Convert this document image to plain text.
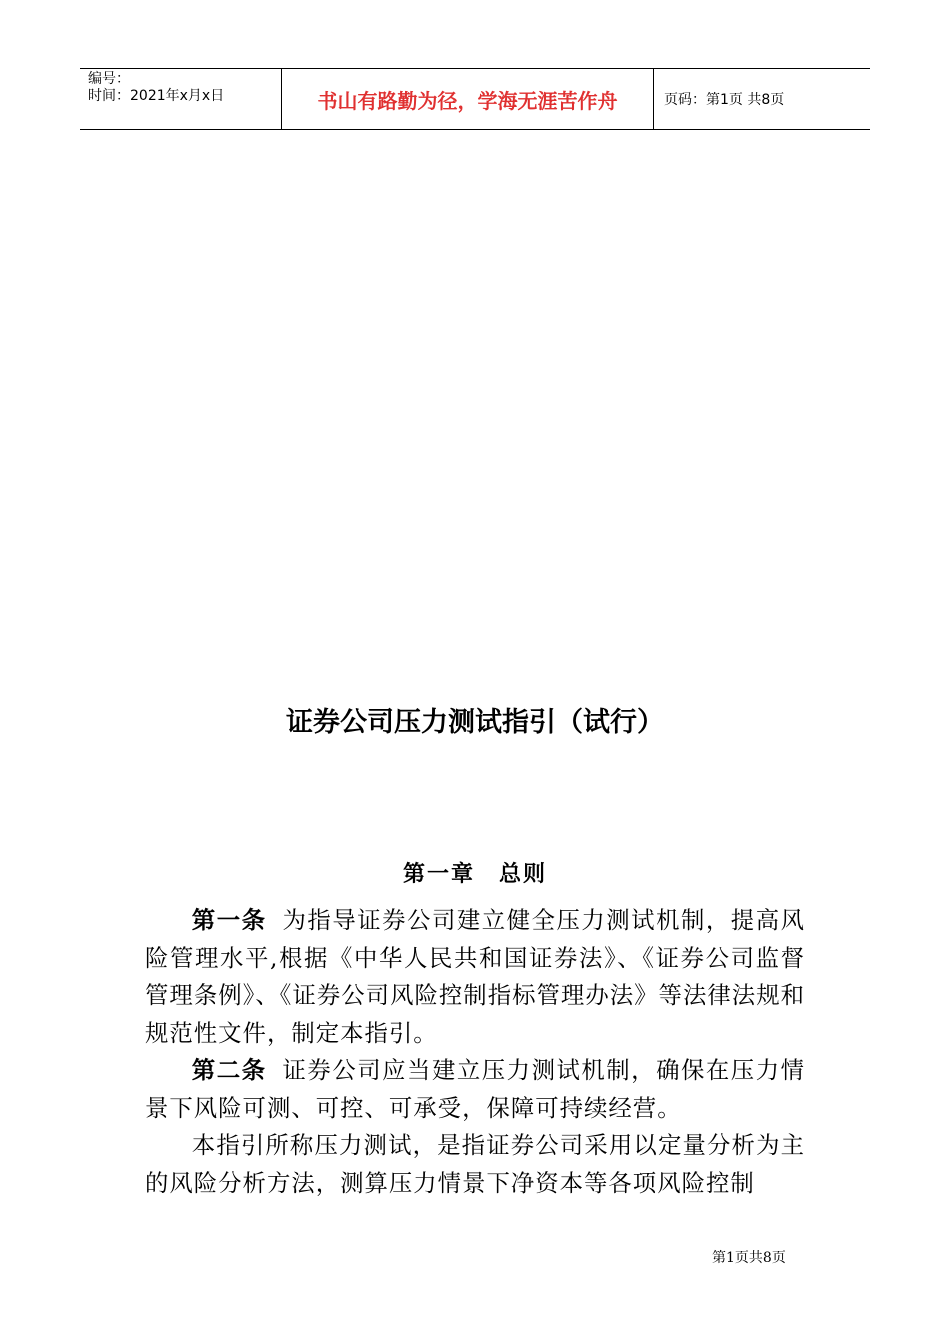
编号：
时间：2021年x月x日	书山有路勤为径，学海无涯苦作舟	页码：第1页 共8页
证券公司压力测试指引（试行）
第一章　总则

第一条 为指导证券公司建立健全压力测试机制，提高风险管理水平,根据《中华人民共和国证券法》、《证券公司监督管理条例》、《证券公司风险控制指标管理办法》等法律法规和规范性文件，制定本指引。

第二条 证券公司应当建立压力测试机制，确保在压力情景下风险可测、可控、可承受，保障可持续经营。

本指引所称压力测试，是指证券公司采用以定量分析为主的风险分析方法，测算压力情景下净资本等各项风险控制

第1页共8页
